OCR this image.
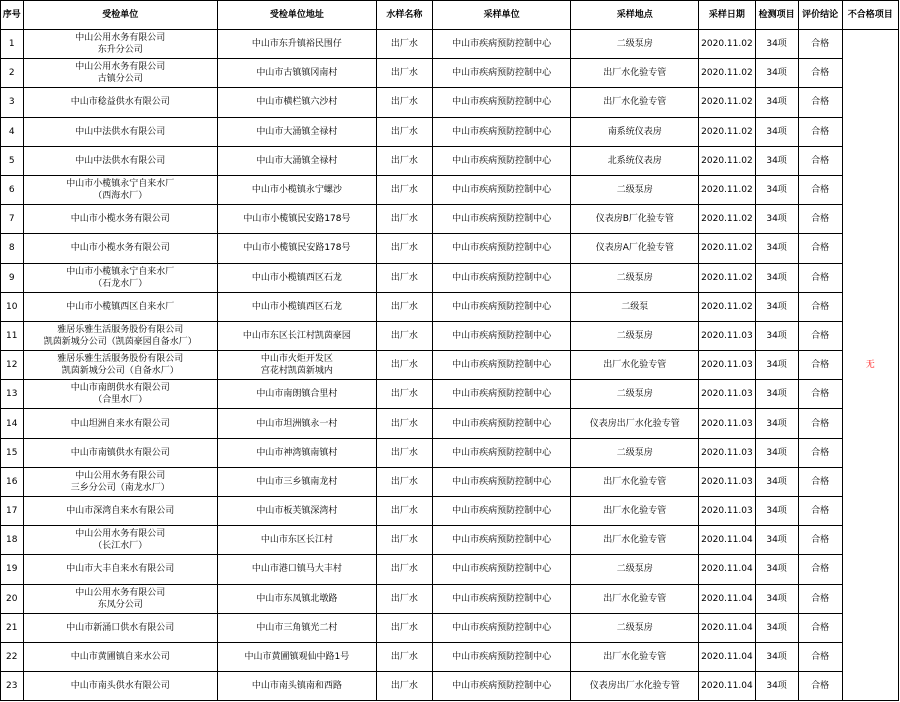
序号	受检单位	受检单位地址	水样名称	采样单位	采样地点	采样日期	检测项目	评价结论	不合格项目
1	中山公用水务有限公司
东升分公司	中山市东升镇裕民围仔	出厂水	中山市疾病预防控制中心	二级泵房	2020.11.02	34项	合格	无
2	中山公用水务有限公司
古镇分公司	中山市古镇镇冈南村	出厂水	中山市疾病预防控制中心	出厂水化验专管	2020.11.02	34项	合格	
3	中山市稔益供水有限公司	中山市横栏镇六沙村	出厂水	中山市疾病预防控制中心	出厂水化验专管	2020.11.02	34项	合格	
4	中山中法供水有限公司	中山市大涌镇全禄村	出厂水	中山市疾病预防控制中心	南系统仪表房	2020.11.02	34项	合格	
5	中山中法供水有限公司	中山市大涌镇全禄村	出厂水	中山市疾病预防控制中心	北系统仪表房	2020.11.02	34项	合格	
6	中山市小榄镇永宁自来水厂
（西海水厂）	中山市小榄镇永宁螺沙	出厂水	中山市疾病预防控制中心	二级泵房	2020.11.02	34项	合格	
7	中山市小榄水务有限公司	中山市小榄镇民安路178号	出厂水	中山市疾病预防控制中心	仪表房B厂化验专管	2020.11.02	34项	合格	
8	中山市小榄水务有限公司	中山市小榄镇民安路178号	出厂水	中山市疾病预防控制中心	仪表房A厂化验专管	2020.11.02	34项	合格	
9	中山市小榄镇永宁自来水厂
（石龙水厂）	中山市小榄镇西区石龙	出厂水	中山市疾病预防控制中心	二级泵房	2020.11.02	34项	合格	
10	中山市小榄镇西区自来水厂	中山市小榄镇西区石龙	出厂水	中山市疾病预防控制中心	二级泵	2020.11.02	34项	合格	
11	雅居乐雅生活服务股份有限公司
凯茵新城分公司（凯茵豪园自备水厂）	中山市东区长江村凯茵豪园	出厂水	中山市疾病预防控制中心	二级泵房	2020.11.03	34项	合格	
12	雅居乐雅生活服务股份有限公司
凯茵新城分公司（自备水厂）	中山市火炬开发区
宫花村凯茵新城内	出厂水	中山市疾病预防控制中心	出厂水化验专管	2020.11.03	34项	合格	
13	中山市南朗供水有限公司
（合里水厂）	中山市南朗镇合里村	出厂水	中山市疾病预防控制中心	二级泵房	2020.11.03	34项	合格	
14	中山坦洲自来水有限公司	中山市坦洲镇永一村	出厂水	中山市疾病预防控制中心	仪表房出厂水化验专管	2020.11.03	34项	合格	
15	中山市南镇供水有限公司	中山市神湾镇南镇村	出厂水	中山市疾病预防控制中心	二级泵房	2020.11.03	34项	合格	
16	中山公用水务有限公司
三乡分公司（南龙水厂）	中山市三乡镇南龙村	出厂水	中山市疾病预防控制中心	出厂水化验专管	2020.11.03	34项	合格	
17	中山市深湾自来水有限公司	中山市板芙镇深湾村	出厂水	中山市疾病预防控制中心	出厂水化验专管	2020.11.03	34项	合格	
18	中山公用水务有限公司
（长江水厂）	中山市东区长江村	出厂水	中山市疾病预防控制中心	出厂水化验专管	2020.11.04	34项	合格	
19	中山市大丰自来水有限公司	中山市港口镇马大丰村	出厂水	中山市疾病预防控制中心	二级泵房	2020.11.04	34项	合格	
20	中山公用水务有限公司
东凤分公司	中山市东凤镇北墩路	出厂水	中山市疾病预防控制中心	出厂水化验专管	2020.11.04	34项	合格	
21	中山市新涌口供水有限公司	中山市三角镇光二村	出厂水	中山市疾病预防控制中心	二级泵房	2020.11.04	34项	合格	
22	中山市黄圃镇自来水公司	中山市黄圃镇观仙中路1号	出厂水	中山市疾病预防控制中心	出厂水化验专管	2020.11.04	34项	合格	
23	中山市南头供水有限公司	中山市南头镇南和西路	出厂水	中山市疾病预防控制中心	仪表房出厂水化验专管	2020.11.04	34项	合格	
